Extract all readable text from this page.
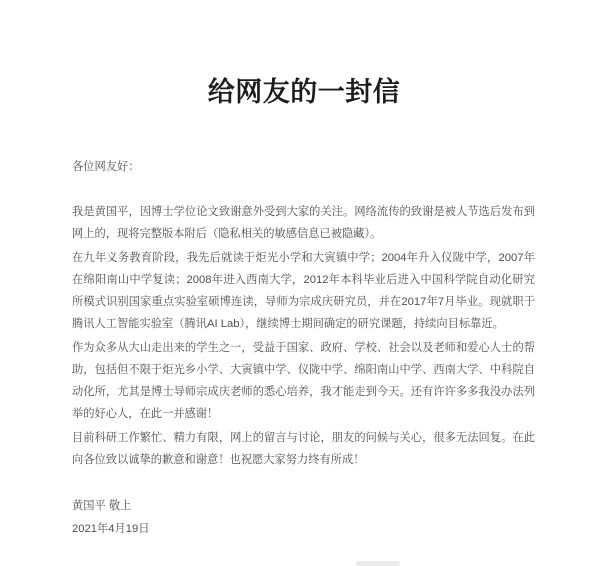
给网友的一封信

各位网友好：

我是黄国平，因博士学位论文致谢意外受到大家的关注。网络流传的致谢是被人节选后发布到网上的，现将完整版本附后（隐私相关的敏感信息已被隐藏）。

在九年义务教育阶段，我先后就读于炬光小学和大寅镇中学；2004年升入仪陇中学，2007年在绵阳南山中学复读；2008年进入西南大学，2012年本科毕业后进入中国科学院自动化研究所模式识别国家重点实验室硕博连读，导师为宗成庆研究员，并在2017年7月毕业。现就职于腾讯人工智能实验室（腾讯AI Lab），继续博士期间确定的研究课题，持续向目标靠近。

作为众多从大山走出来的学生之一，受益于国家、政府、学校、社会以及老师和爱心人士的帮助，包括但不限于炬光乡小学、大寅镇中学、仪陇中学、绵阳南山中学、西南大学、中科院自动化所，尤其是博士导师宗成庆老师的悉心培养，我才能走到今天。还有许许多多我没办法列举的好心人，在此一并感谢！

目前科研工作繁忙、精力有限，网上的留言与讨论，朋友的问候与关心，很多无法回复。在此向各位致以诚挚的歉意和谢意！也祝愿大家努力终有所成！

黄国平 敬上

2021年4月19日
